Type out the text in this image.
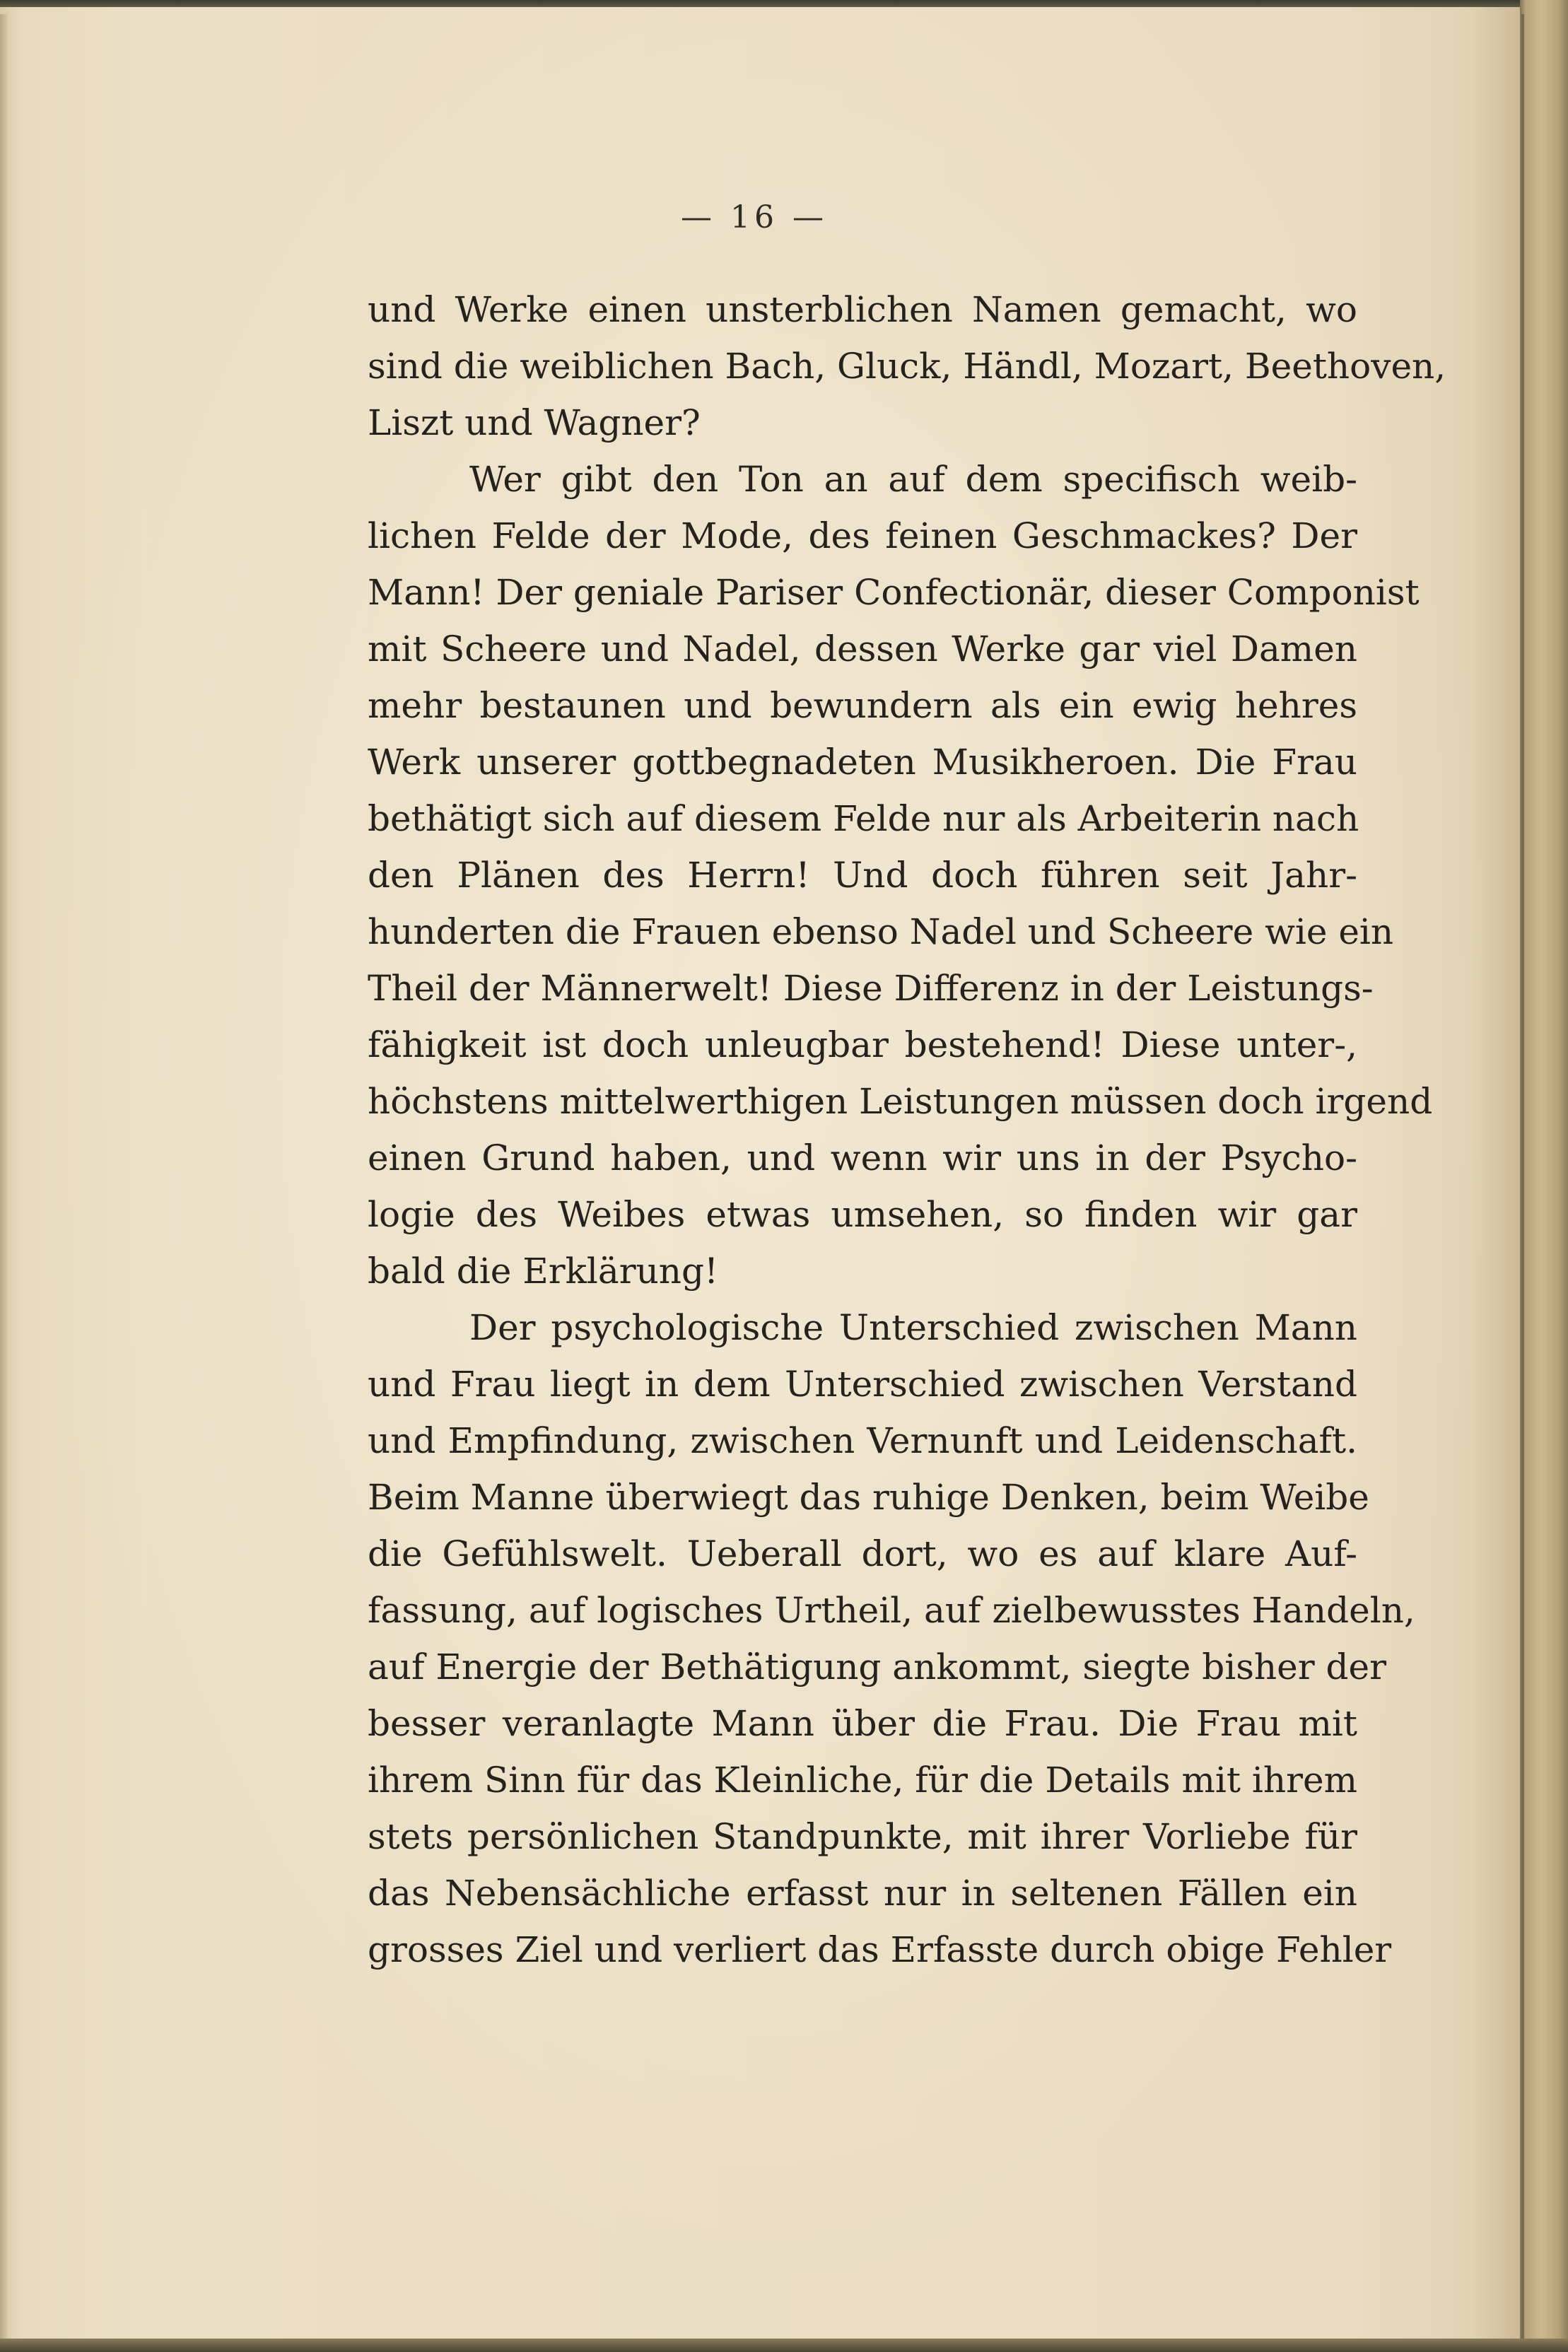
— 16 —
und Werke einen unsterblichen Namen gemacht, wo
sind die weiblichen Bach, Gluck, Händl, Mozart, Beethoven,
Liszt und Wagner?
Wer gibt den Ton an auf dem specifisch weib-
lichen Felde der Mode, des feinen Geschmackes? Der
Mann! Der geniale Pariser Confectionär, dieser Componist
mit Scheere und Nadel, dessen Werke gar viel Damen
mehr bestaunen und bewundern als ein ewig hehres
Werk unserer gottbegnadeten Musikheroen. Die Frau
bethätigt sich auf diesem Felde nur als Arbeiterin nach
den Plänen des Herrn! Und doch führen seit Jahr-
hunderten die Frauen ebenso Nadel und Scheere wie ein
Theil der Männerwelt! Diese Differenz in der Leistungs-
fähigkeit ist doch unleugbar bestehend! Diese unter-,
höchstens mittelwerthigen Leistungen müssen doch irgend
einen Grund haben, und wenn wir uns in der Psycho-
logie des Weibes etwas umsehen, so finden wir gar
bald die Erklärung!
Der psychologische Unterschied zwischen Mann
und Frau liegt in dem Unterschied zwischen Verstand
und Empfindung, zwischen Vernunft und Leidenschaft.
Beim Manne überwiegt das ruhige Denken, beim Weibe
die Gefühlswelt. Ueberall dort, wo es auf klare Auf-
fassung, auf logisches Urtheil, auf zielbewusstes Handeln,
auf Energie der Bethätigung ankommt, siegte bisher der
besser veranlagte Mann über die Frau. Die Frau mit
ihrem Sinn für das Kleinliche, für die Details mit ihrem
stets persönlichen Standpunkte, mit ihrer Vorliebe für
das Nebensächliche erfasst nur in seltenen Fällen ein
grosses Ziel und verliert das Erfasste durch obige Fehler
